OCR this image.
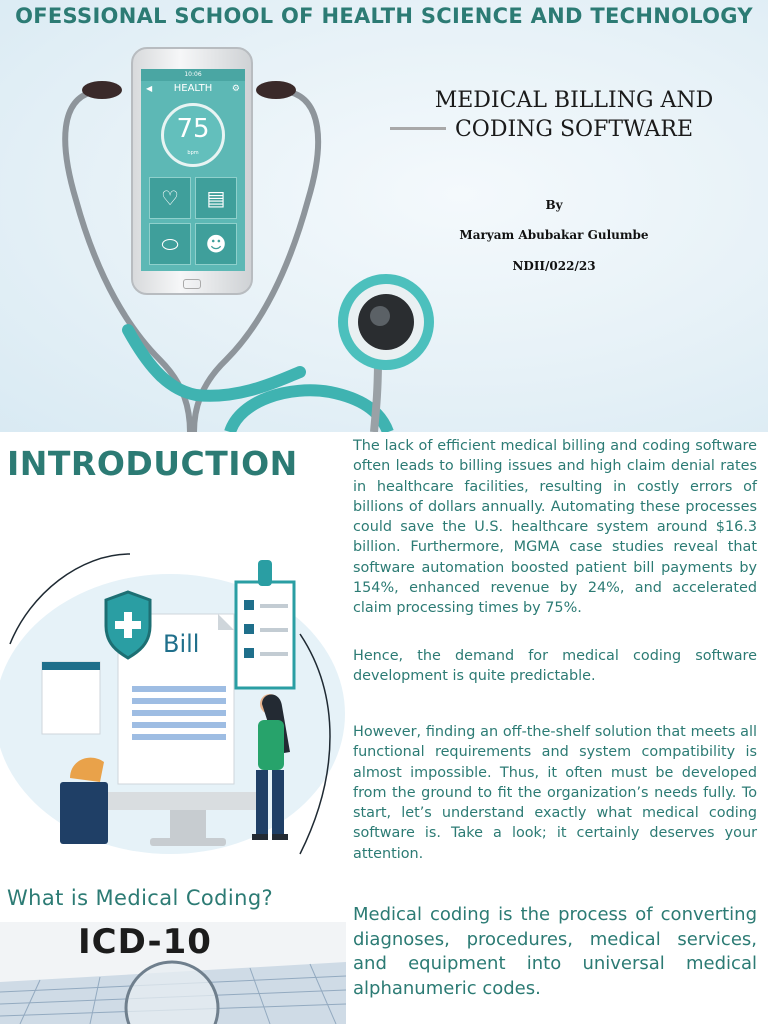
OFESSIONAL SCHOOL OF HEALTH SCIENCE AND TECHNOLOGY
10:06
◀ HEALTH ⚙
75
bpm
♡	▤
⬭	☻
MEDICAL BILLING AND
CODING SOFTWARE
By
Maryam Abubakar Gulumbe
NDII/022/23
INTRODUCTION
Bill
The lack of efficient medical billing and coding software often leads to billing issues and high claim denial rates in healthcare facilities, resulting in costly errors of billions of dollars annually. Automating these processes could save the U.S. healthcare system around $16.3 billion. Furthermore, MGMA case studies reveal that software automation boosted patient bill payments by 154%, enhanced revenue by 24%, and accelerated claim processing times by 75%.
Hence, the demand for medical coding software development is quite predictable.
However, finding an off-the-shelf solution that meets all functional requirements and system compatibility is almost impossible. Thus, it often must be developed from the ground to fit the organization’s needs fully. To start, let’s understand exactly what medical coding software is. Take a look; it certainly deserves your attention.
What is Medical Coding?
ICD-10
Medical coding is the process of converting diagnoses, procedures, medical services, and equipment into universal medical alphanumeric codes.
